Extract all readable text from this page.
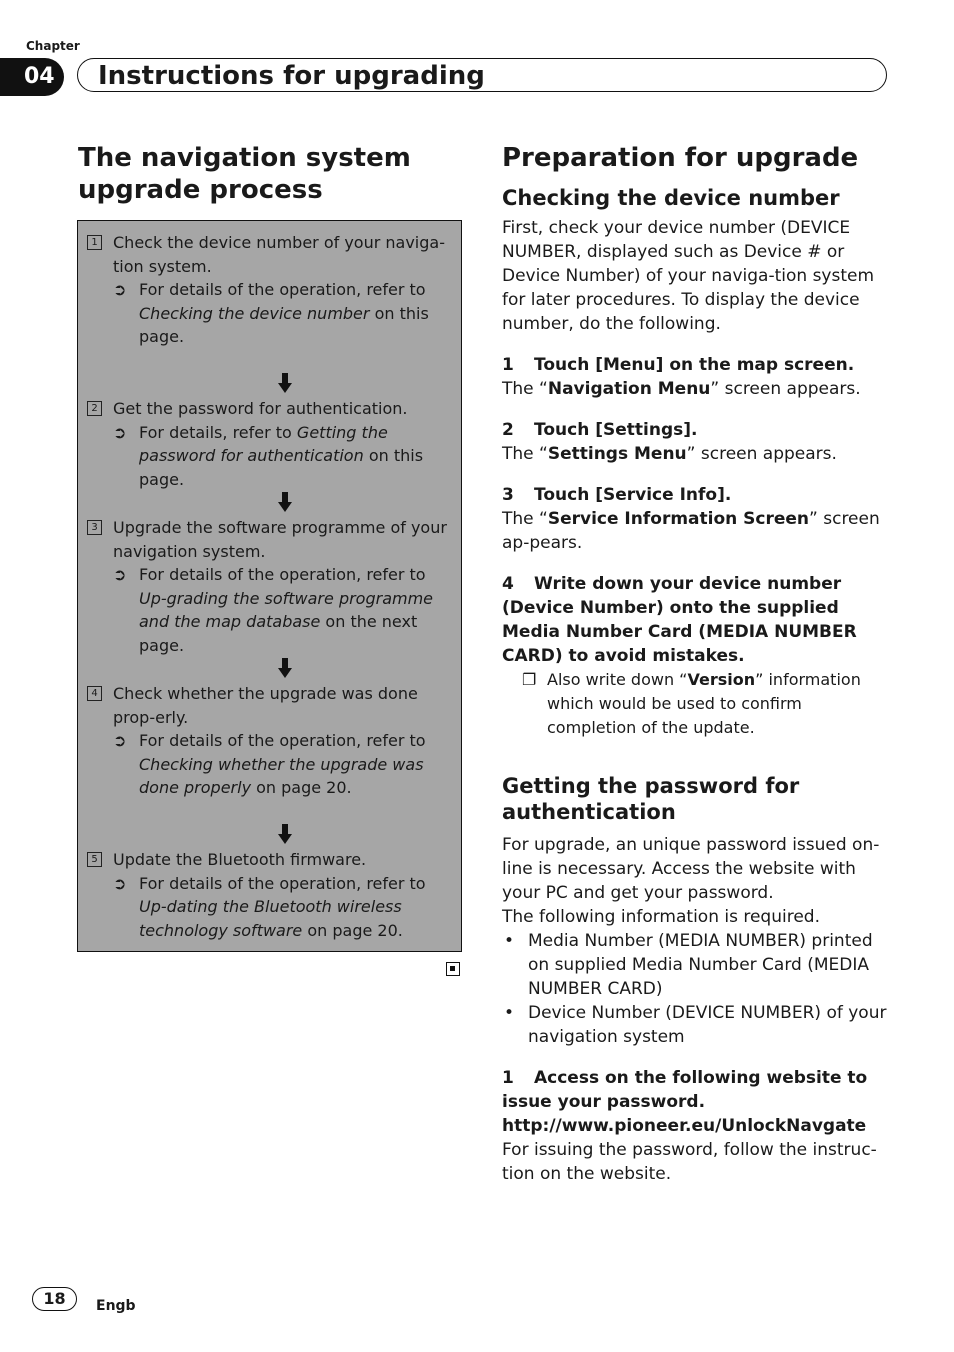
Chapter
04	Instructions for upgrading
The navigation system upgrade process
1 Check the device number of your naviga-tion system.
➲ For details of the operation, refer to Checking the device number on this page.
2 Get the password for authentication.
➲ For details, refer to Getting the password for authentication on this page.
3 Upgrade the software programme of your navigation system.
➲ For details of the operation, refer to Up-grading the software programme and the map database on the next page.
4 Check whether the upgrade was done prop-erly.
➲ For details of the operation, refer to Checking whether the upgrade was done properly on page 20.
5 Update the Bluetooth firmware.
➲ For details of the operation, refer to Up-dating the Bluetooth wireless technology software on page 20.
Preparation for upgrade
Checking the device number

First, check your device number (DEVICE NUMBER, displayed such as Device # or Device Number) of your naviga-tion system for later procedures. To display the device number, do the following.

1 Touch [Menu] on the map screen.

The “Navigation Menu” screen appears.

2 Touch [Settings].

The “Settings Menu” screen appears.

3 Touch [Service Info].

The “Service Information Screen” screen ap-pears.

4 Write down your device number (Device Number) onto the supplied Media Number Card (MEDIA NUMBER CARD) to avoid mistakes.

❐ Also write down “Version” information which would be used to confirm completion of the update.
Getting the password for authentication

For upgrade, an unique password issued on-line is necessary. Access the website with your PC and get your password.

The following information is required.

• Media Number (MEDIA NUMBER) printed on supplied Media Number Card (MEDIA NUMBER CARD)
• Device Number (DEVICE NUMBER) of your navigation system

1 Access on the following website to issue your password.

http://www.pioneer.eu/UnlockNavgate

For issuing the password, follow the instruc-tion on the website.

18	Engb
